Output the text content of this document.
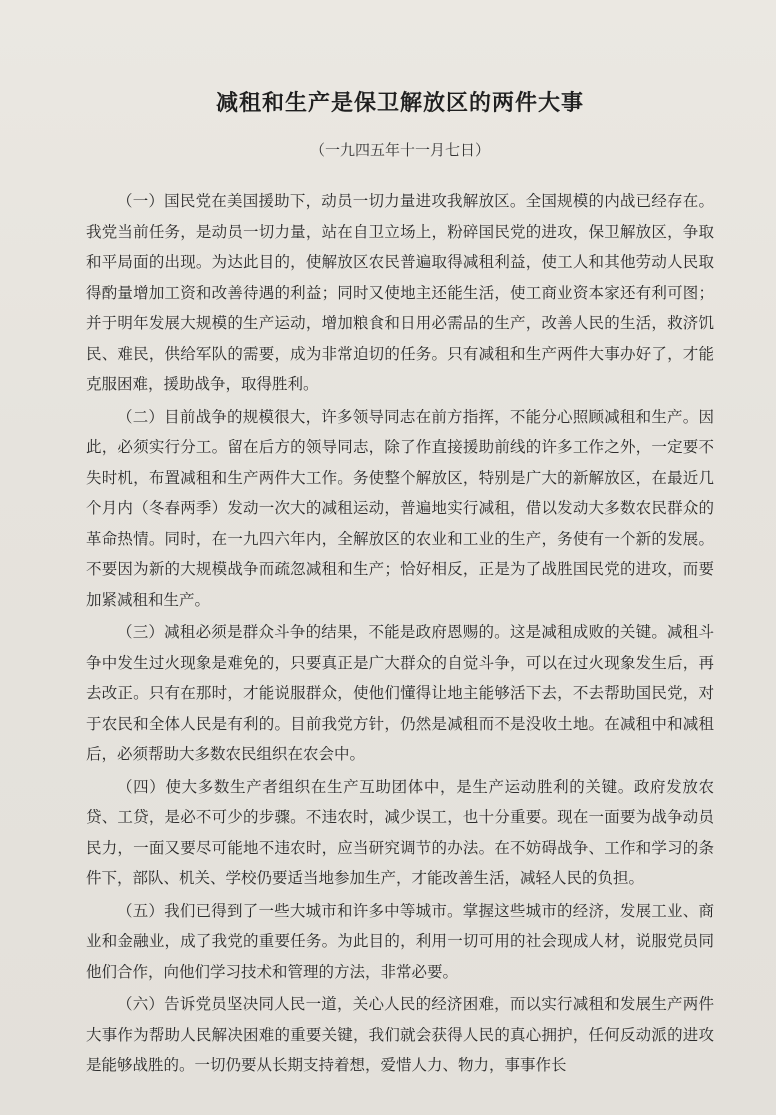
减租和生产是保卫解放区的两件大事
（一九四五年十一月七日）

（一）国民党在美国援助下，动员一切力量进攻我解放区。全国规模的内战已经存在。我党当前任务，是动员一切力量，站在自卫立场上，粉碎国民党的进攻，保卫解放区，争取和平局面的出现。为达此目的，使解放区农民普遍取得减租利益，使工人和其他劳动人民取得酌量增加工资和改善待遇的利益；同时又使地主还能生活，使工商业资本家还有利可图；并于明年发展大规模的生产运动，增加粮食和日用必需品的生产，改善人民的生活，救济饥民、难民，供给军队的需要，成为非常迫切的任务。只有减租和生产两件大事办好了，才能克服困难，援助战争，取得胜利。

（二）目前战争的规模很大，许多领导同志在前方指挥，不能分心照顾减租和生产。因此，必须实行分工。留在后方的领导同志，除了作直接援助前线的许多工作之外，一定要不失时机，布置减租和生产两件大工作。务使整个解放区，特别是广大的新解放区，在最近几个月内（冬春两季）发动一次大的减租运动，普遍地实行减租，借以发动大多数农民群众的革命热情。同时，在一九四六年内，全解放区的农业和工业的生产，务使有一个新的发展。不要因为新的大规模战争而疏忽减租和生产；恰好相反，正是为了战胜国民党的进攻，而要加紧减租和生产。

（三）减租必须是群众斗争的结果，不能是政府恩赐的。这是减租成败的关键。减租斗争中发生过火现象是难免的，只要真正是广大群众的自觉斗争，可以在过火现象发生后，再去改正。只有在那时，才能说服群众，使他们懂得让地主能够活下去，不去帮助国民党，对于农民和全体人民是有利的。目前我党方针，仍然是减租而不是没收土地。在减租中和减租后，必须帮助大多数农民组织在农会中。

（四）使大多数生产者组织在生产互助团体中，是生产运动胜利的关键。政府发放农贷、工贷，是必不可少的步骤。不违农时，减少误工，也十分重要。现在一面要为战争动员民力，一面又要尽可能地不违农时，应当研究调节的办法。在不妨碍战争、工作和学习的条件下，部队、机关、学校仍要适当地参加生产，才能改善生活，减轻人民的负担。

（五）我们已得到了一些大城市和许多中等城市。掌握这些城市的经济，发展工业、商业和金融业，成了我党的重要任务。为此目的，利用一切可用的社会现成人材，说服党员同他们合作，向他们学习技术和管理的方法，非常必要。

（六）告诉党员坚决同人民一道，关心人民的经济困难，而以实行减租和发展生产两件大事作为帮助人民解决困难的重要关键，我们就会获得人民的真心拥护，任何反动派的进攻是能够战胜的。一切仍要从长期支持着想，爱惜人力、物力，事事作长
